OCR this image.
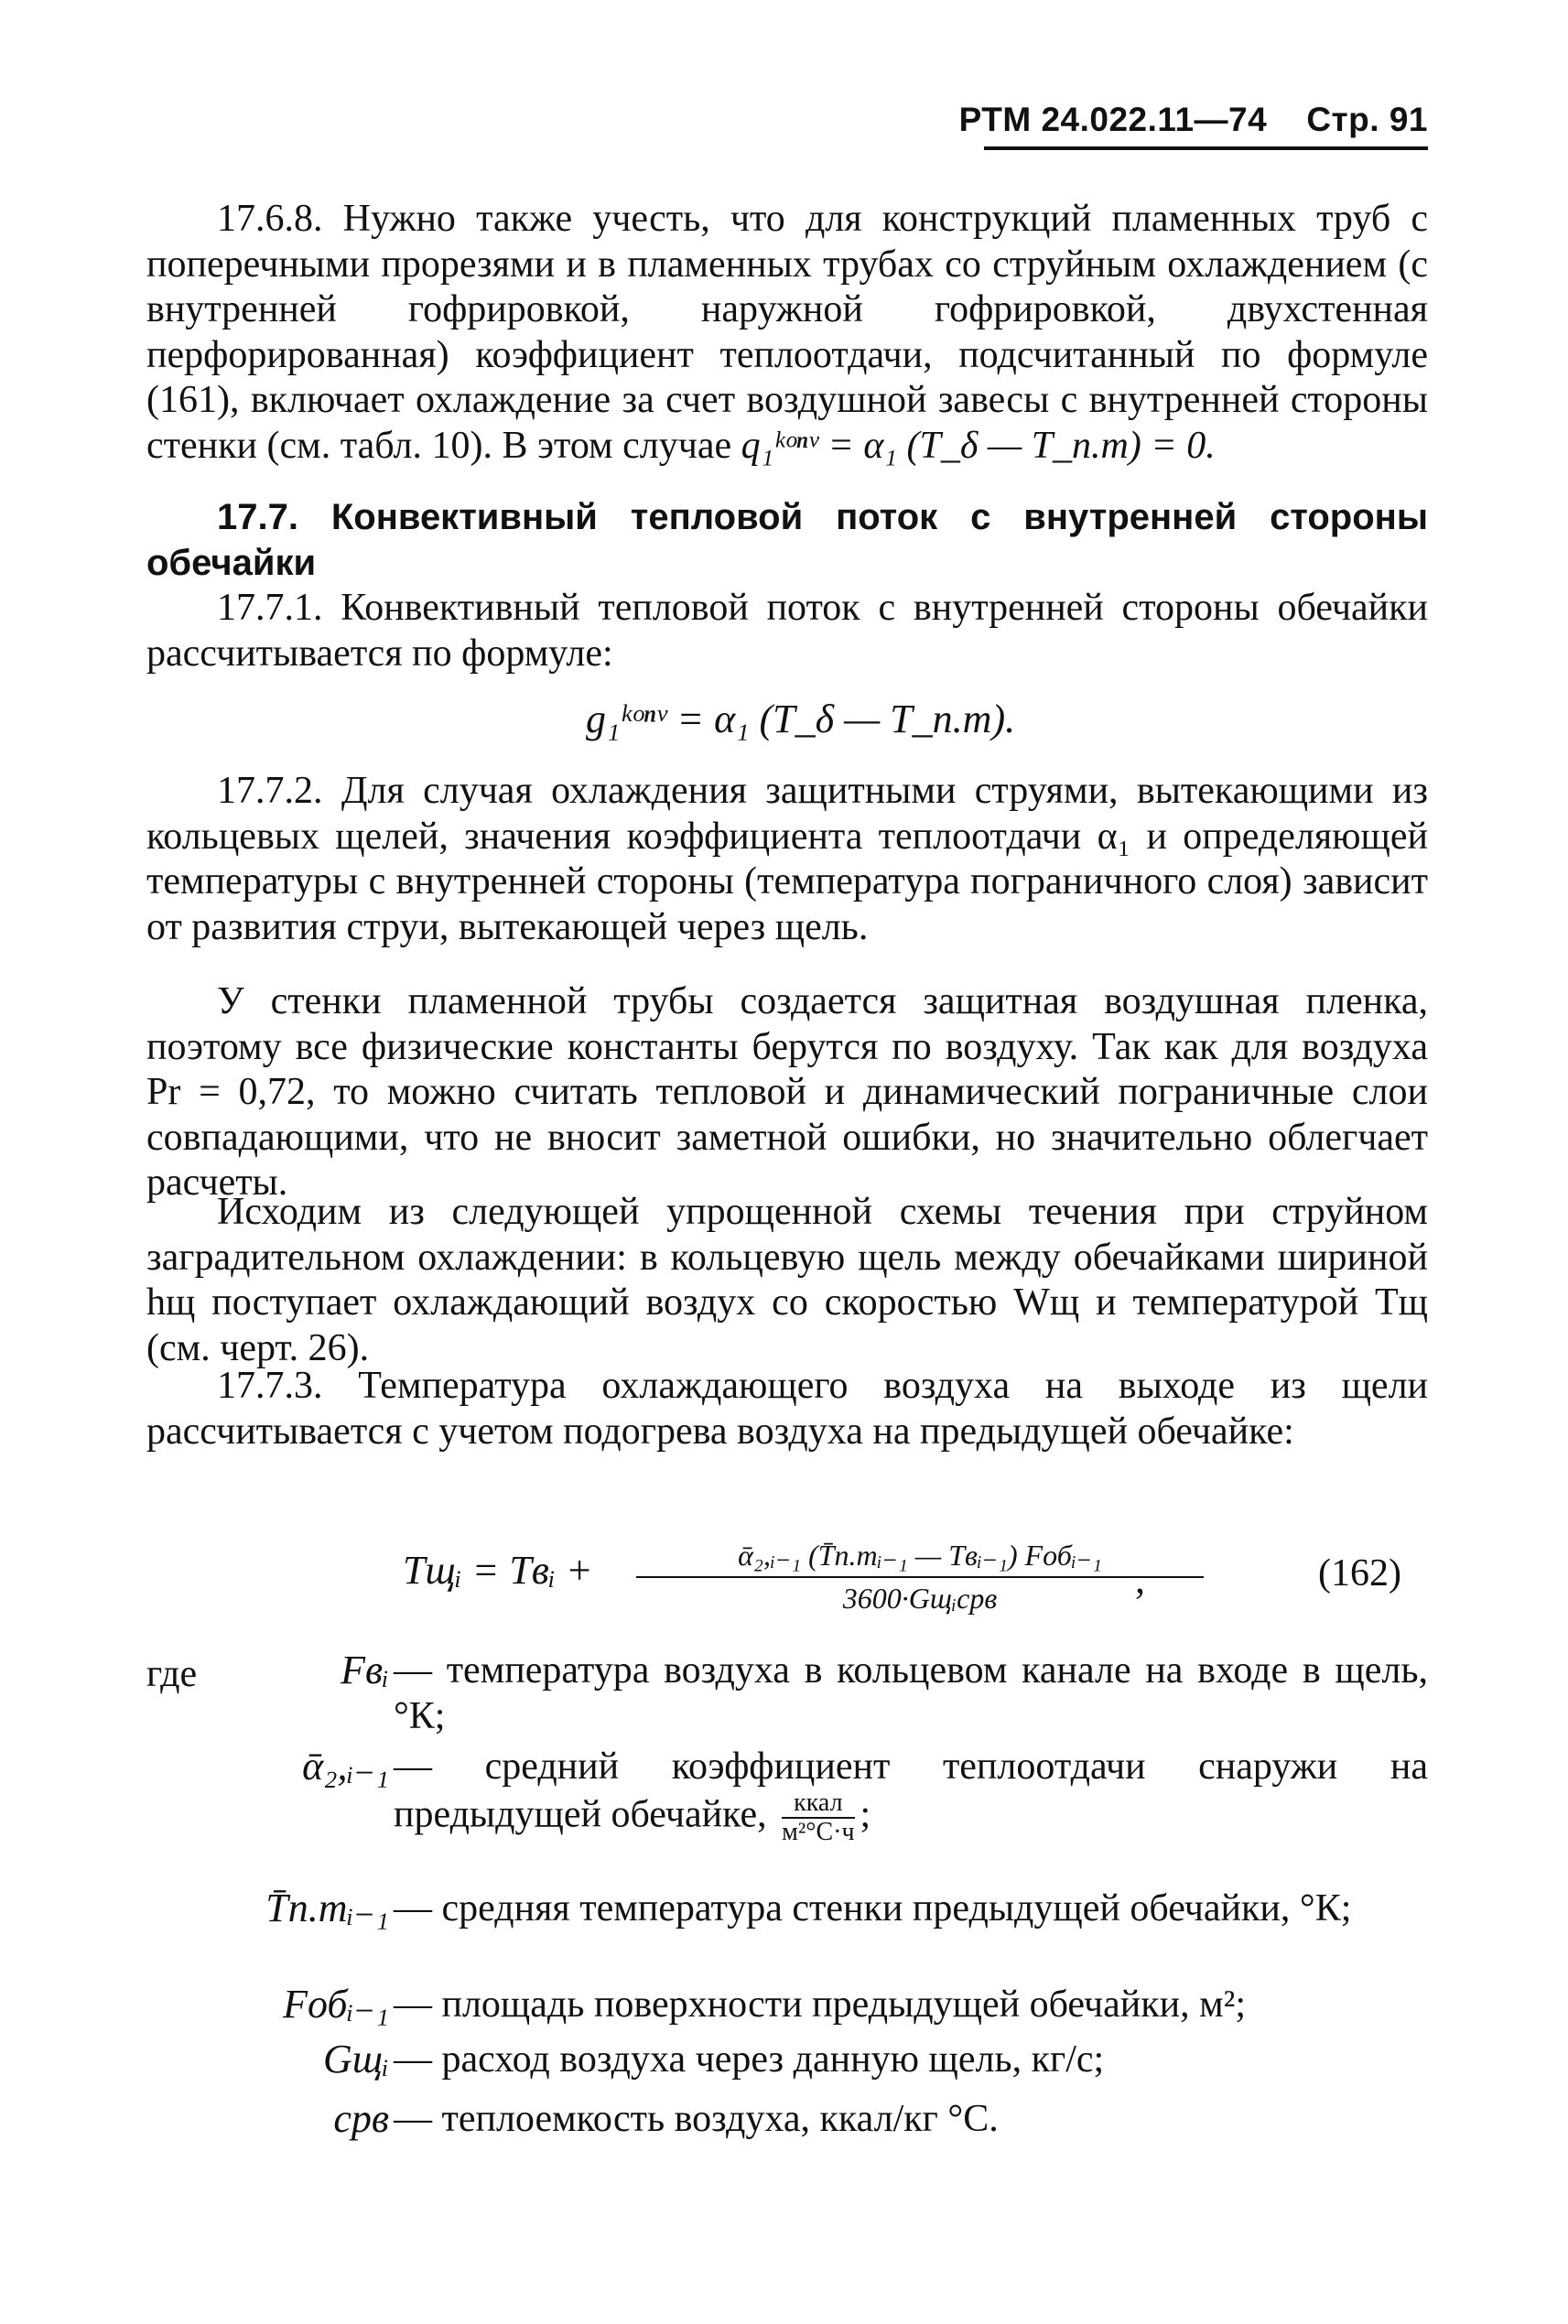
РТМ 24.022.11—74 Стр. 91
17.6.8. Нужно также учесть, что для конструкций пламенных труб с поперечными прорезями и в пламенных трубах со струйным охлаждением (с внутренней гофрировкой, наружной гофрировкой, двухстенная перфорированная) коэффициент теплоотдачи, подсчитанный по формуле (161), включает охлаждение за счет воздушной завесы с внутренней стороны стенки (см. табл. 10). В этом случае q₁ᵏᵒⁿᵛ = α₁ (T_δ — T_п.т) = 0.
17.7. Конвективный тепловой поток с внутренней стороны обечайки
17.7.1. Конвективный тепловой поток с внутренней стороны обечайки рассчитывается по формуле:
g₁ᵏᵒⁿᵛ = α₁ (T_δ — T_п.т).
17.7.2. Для случая охлаждения защитными струями, вытекающими из кольцевых щелей, значения коэффициента теплоотдачи α₁ и определяющей температуры с внутренней стороны (температура пограничного слоя) зависит от развития струи, вытекающей через щель.
У стенки пламенной трубы создается защитная воздушная пленка, поэтому все физические константы берутся по воздуху. Так как для воздуха Pr = 0,72, то можно считать тепловой и динамический пограничные слои совпадающими, что не вносит заметной ошибки, но значительно облегчает расчеты.
Исходим из следующей упрощенной схемы течения при струйном заградительном охлаждении: в кольцевую щель между обечайками шириной hщ поступает охлаждающий воздух со скоростью Wщ и температурой Tщ (см. черт. 26).
17.7.3. Температура охлаждающего воздуха на выходе из щели рассчитывается с учетом подогрева воздуха на предыдущей обечайке:
Tщᵢ = Tвᵢ +	ᾱ₂,ᵢ₋₁ (T̄п.тᵢ₋₁ — Tвᵢ₋₁) Fобᵢ₋₁
3600·Gщᵢcpв	,	(162)
где	Fвᵢ — температура воздуха в кольцевом канале на входе в щель, °К;
ᾱ₂,ᵢ₋₁ — средний коэффициент теплоотдачи снаружи на предыдущей обечайке, $\frac{\text{ккал}}{\text{м²°С·ч}}$ ;
T̄п.тᵢ₋₁ — средняя температура стенки предыдущей обечайки, °К;
Fобᵢ₋₁ — площадь поверхности предыдущей обечайки, м²;
Gщᵢ — расход воздуха через данную щель, кг/с;
cpв — теплоемкость воздуха, ккал/кг °С.
